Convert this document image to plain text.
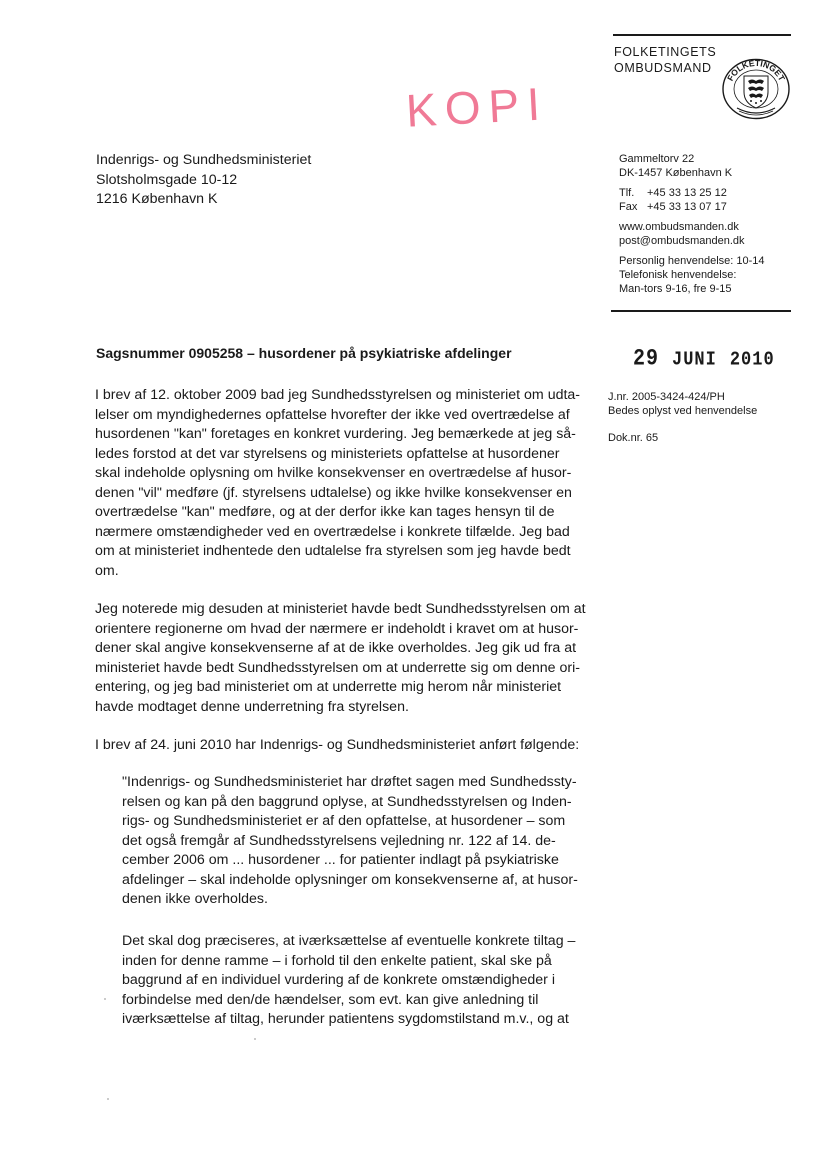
FOLKETINGETS
OMBUDSMAND
FOLKETINGET
KOPI
Indenrigs- og Sundhedsministeriet
Slotsholmsgade 10-12
1216 København K
Gammeltorv 22
DK-1457 København K
Tlf.	+45 33 13 25 12
Fax +45 33 13 07 17
www.ombudsmanden.dk
post@ombudsmanden.dk
Personlig henvendelse: 10-14
Telefonisk henvendelse:
Man-tors 9-16, fre 9-15
Sagsnummer 0905258 – husordener på psykiatriske afdelinger	29 JUNI 2010
J.nr. 2005-3424-424/PH
Bedes oplyst ved henvendelse
Dok.nr. 65
I brev af 12. oktober 2009 bad jeg Sundhedsstyrelsen og ministeriet om udta-
lelser om myndighedernes opfattelse hvorefter der ikke ved overtrædelse af
husordenen "kan" foretages en konkret vurdering. Jeg bemærkede at jeg så-
ledes forstod at det var styrelsens og ministeriets opfattelse at husordener
skal indeholde oplysning om hvilke konsekvenser en overtrædelse af husor-
denen "vil" medføre (jf. styrelsens udtalelse) og ikke hvilke konsekvenser en
overtrædelse "kan" medføre, og at der derfor ikke kan tages hensyn til de
nærmere omstændigheder ved en overtrædelse i konkrete tilfælde. Jeg bad
om at ministeriet indhentede den udtalelse fra styrelsen som jeg havde bedt
om.
Jeg noterede mig desuden at ministeriet havde bedt Sundhedsstyrelsen om at
orientere regionerne om hvad der nærmere er indeholdt i kravet om at husor-
dener skal angive konsekvenserne af at de ikke overholdes. Jeg gik ud fra at
ministeriet havde bedt Sundhedsstyrelsen om at underrette sig om denne ori-
entering, og jeg bad ministeriet om at underrette mig herom når ministeriet
havde modtaget denne underretning fra styrelsen.
I brev af 24. juni 2010 har Indenrigs- og Sundhedsministeriet anført følgende:
"Indenrigs- og Sundhedsministeriet har drøftet sagen med Sundhedssty-
relsen og kan på den baggrund oplyse, at Sundhedsstyrelsen og Inden-
rigs- og Sundhedsministeriet er af den opfattelse, at husordener – som
det også fremgår af Sundhedsstyrelsens vejledning nr. 122 af 14. de-
cember 2006 om ... husordener ... for patienter indlagt på psykiatriske
afdelinger – skal indeholde oplysninger om konsekvenserne af, at husor-
denen ikke overholdes.
Det skal dog præciseres, at iværksættelse af eventuelle konkrete tiltag –
inden for denne ramme – i forhold til den enkelte patient, skal ske på
baggrund af en individuel vurdering af de konkrete omstændigheder i
forbindelse med den/de hændelser, som evt. kan give anledning til
iværksættelse af tiltag, herunder patientens sygdomstilstand m.v., og at
